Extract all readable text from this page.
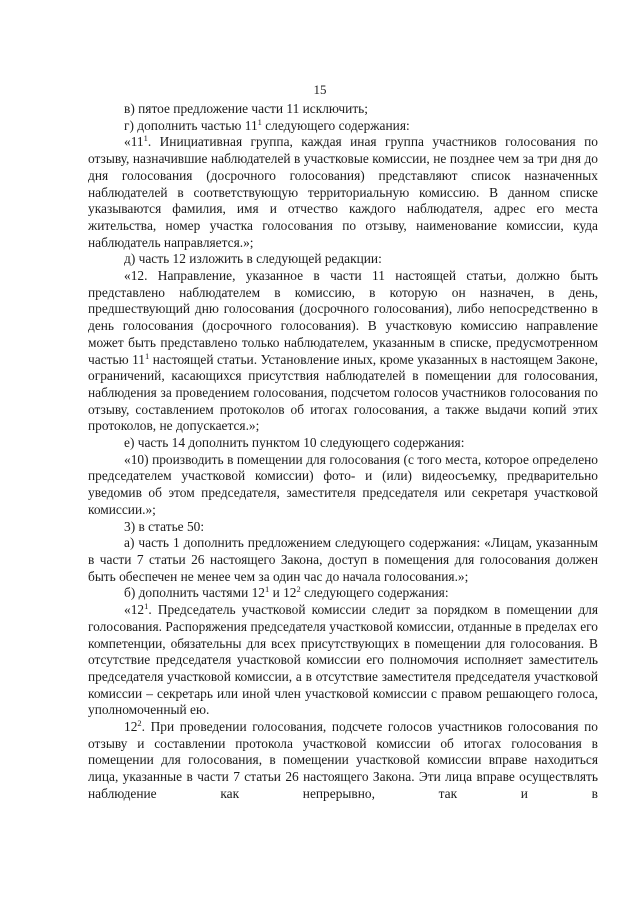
15

в) пятое предложение части 11 исключить;

г) дополнить частью $11^1$ следующего содержания:

«$11^1$. Инициативная группа, каждая иная группа участников голосования по отзыву, назначившие наблюдателей в участковые комиссии, не позднее чем за три дня до дня голосования (досрочного голосования) представляют список назначенных наблюдателей в соответствующую территориальную комиссию. В данном списке указываются фамилия, имя и отчество каждого наблюдателя, адрес его места жительства, номер участка голосования по отзыву, наименование комиссии, куда наблюдатель направляется.»;

д) часть 12 изложить в следующей редакции:

«12. Направление, указанное в части 11 настоящей статьи, должно быть представлено наблюдателем в комиссию, в которую он назначен, в день, предшествующий дню голосования (досрочного голосования), либо непосредственно в день голосования (досрочного голосования). В участковую комиссию направление может быть представлено только наблюдателем, указанным в списке, предусмотренном частью $11^1$ настоящей статьи. Установление иных, кроме указанных в настоящем Законе, ограничений, касающихся присутствия наблюдателей в помещении для голосования, наблюдения за проведением голосования, подсчетом голосов участников голосования по отзыву, составлением протоколов об итогах голосования, а также выдачи копий этих протоколов, не допускается.»;

е) часть 14 дополнить пунктом 10 следующего содержания:

«10) производить в помещении для голосования (с того места, которое определено председателем участковой комиссии) фото- и (или) видеосъемку, предварительно уведомив об этом председателя, заместителя председателя или секретаря участковой комиссии.»;

3) в статье 50:

а) часть 1 дополнить предложением следующего содержания: «Лицам, указанным в части 7 статьи 26 настоящего Закона, доступ в помещения для голосования должен быть обеспечен не менее чем за один час до начала голосования.»;

б) дополнить частями $12^1$ и $12^2$ следующего содержания:

«$12^1$. Председатель участковой комиссии следит за порядком в помещении для голосования. Распоряжения председателя участковой комиссии, отданные в пределах его компетенции, обязательны для всех присутствующих в помещении для голосования. В отсутствие председателя участковой комиссии его полномочия исполняет заместитель председателя участковой комиссии, а в отсутствие заместителя председателя участковой комиссии – секретарь или иной член участковой комиссии с правом решающего голоса, уполномоченный ею.

$12^2$. При проведении голосования, подсчете голосов участников голосования по отзыву и составлении протокола участковой комиссии об итогах голосования в помещении для голосования, в помещении участковой комиссии вправе находиться лица, указанные в части 7 статьи 26 настоящего Закона. Эти лица вправе осуществлять наблюдение как непрерывно, так и в
